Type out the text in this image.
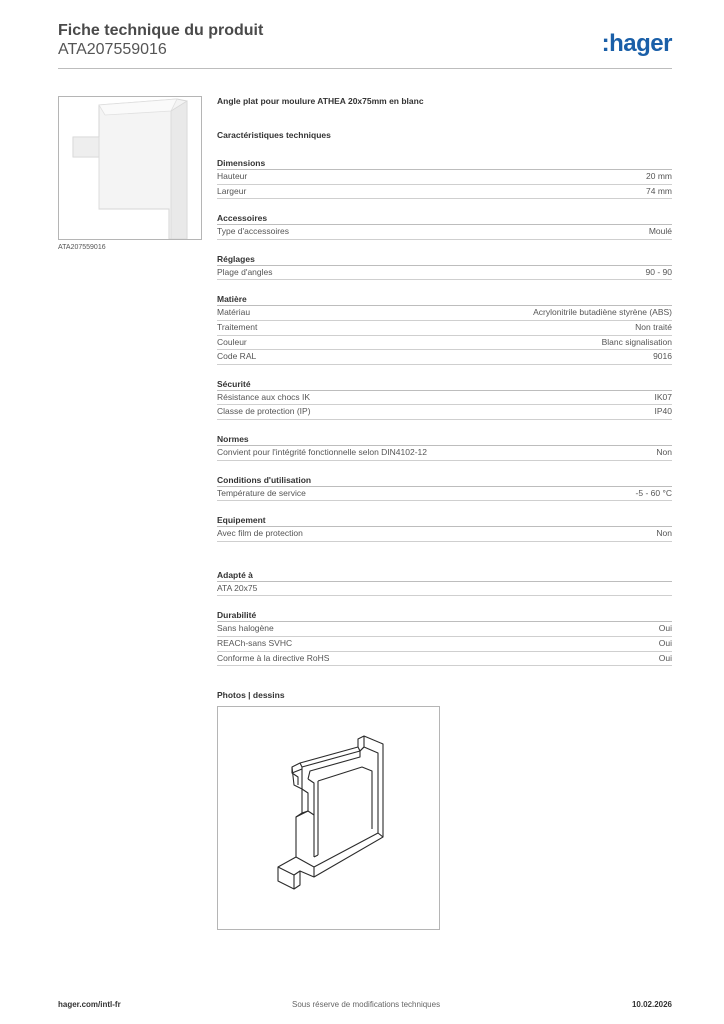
Fiche technique du produit
ATA207559016	:hager
ATA207559016
Angle plat pour moulure ATHEA 20x75mm en blanc
Caractéristiques techniques
Dimensions
Hauteur	20 mm
Largeur	74 mm
Accessoires
Type d'accessoires	Moulé
Réglages
Plage d'angles	90 - 90
Matière
Matériau	Acrylonitrile butadiène styrène (ABS)
Traitement	Non traité
Couleur	Blanc signalisation
Code RAL	9016
Sécurité
Résistance aux chocs IK	IK07
Classe de protection (IP)	IP40
Normes
Convient pour l'intégrité fonctionnelle selon DIN4102-12	Non
Conditions d'utilisation
Température de service	-5 - 60 °C
Equipement
Avec film de protection	Non
Adapté à
ATA 20x75
Durabilité
Sans halogène	Oui
REACh-sans SVHC	Oui
Conforme à la directive RoHS	Oui
Photos | dessins
hager.com/intl-fr	Sous réserve de modifications techniques	10.02.2026
